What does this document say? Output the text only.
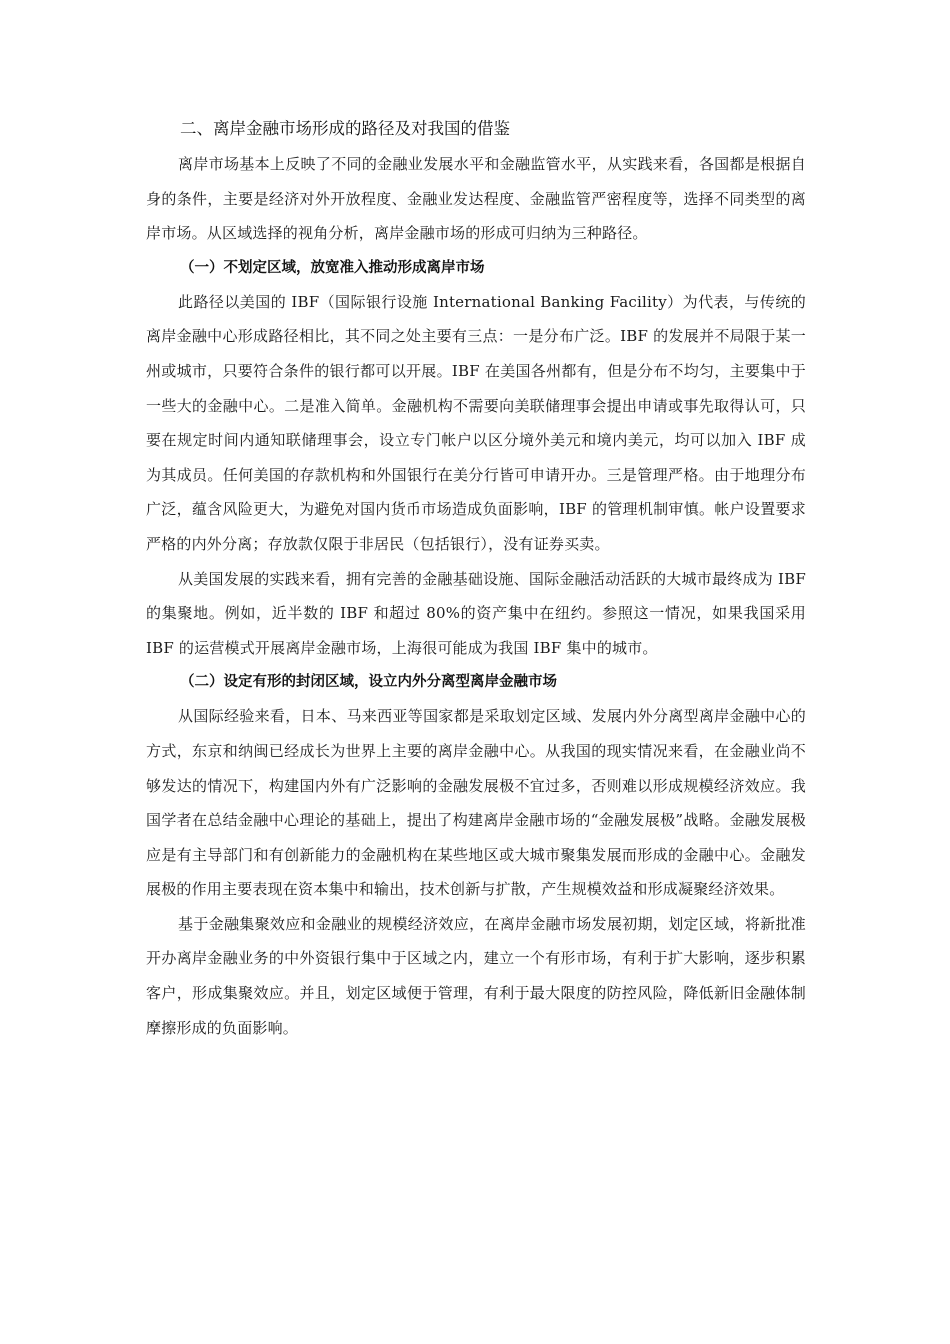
二、离岸金融市场形成的路径及对我国的借鉴

离岸市场基本上反映了不同的金融业发展水平和金融监管水平，从实践来看，各国都是根据自身的条件，主要是经济对外开放程度、金融业发达程度、金融监管严密程度等，选择不同类型的离岸市场。从区域选择的视角分析，离岸金融市场的形成可归纳为三种路径。

（一）不划定区域，放宽准入推动形成离岸市场

此路径以美国的 IBF（国际银行设施 International Banking Facility）为代表，与传统的离岸金融中心形成路径相比，其不同之处主要有三点：一是分布广泛。IBF 的发展并不局限于某一州或城市，只要符合条件的银行都可以开展。IBF 在美国各州都有，但是分布不均匀，主要集中于一些大的金融中心。二是准入简单。金融机构不需要向美联储理事会提出申请或事先取得认可，只要在规定时间内通知联储理事会，设立专门帐户以区分境外美元和境内美元，均可以加入 IBF 成为其成员。任何美国的存款机构和外国银行在美分行皆可申请开办。三是管理严格。由于地理分布广泛，蕴含风险更大，为避免对国内货币市场造成负面影响，IBF 的管理机制审慎。帐户设置要求严格的内外分离；存放款仅限于非居民（包括银行），没有证券买卖。

从美国发展的实践来看，拥有完善的金融基础设施、国际金融活动活跃的大城市最终成为 IBF 的集聚地。例如，近半数的 IBF 和超过 80%的资产集中在纽约。参照这一情况，如果我国采用 IBF 的运营模式开展离岸金融市场，上海很可能成为我国 IBF 集中的城市。

（二）设定有形的封闭区域，设立内外分离型离岸金融市场

从国际经验来看，日本、马来西亚等国家都是采取划定区域、发展内外分离型离岸金融中心的方式，东京和纳闽已经成长为世界上主要的离岸金融中心。从我国的现实情况来看，在金融业尚不够发达的情况下，构建国内外有广泛影响的金融发展极不宜过多，否则难以形成规模经济效应。我国学者在总结金融中心理论的基础上，提出了构建离岸金融市场的“金融发展极”战略。金融发展极应是有主导部门和有创新能力的金融机构在某些地区或大城市聚集发展而形成的金融中心。金融发展极的作用主要表现在资本集中和输出，技术创新与扩散，产生规模效益和形成凝聚经济效果。

基于金融集聚效应和金融业的规模经济效应，在离岸金融市场发展初期，划定区域，将新批准开办离岸金融业务的中外资银行集中于区域之内，建立一个有形市场，有利于扩大影响，逐步积累客户，形成集聚效应。并且，划定区域便于管理，有利于最大限度的防控风险，降低新旧金融体制摩擦形成的负面影响。
